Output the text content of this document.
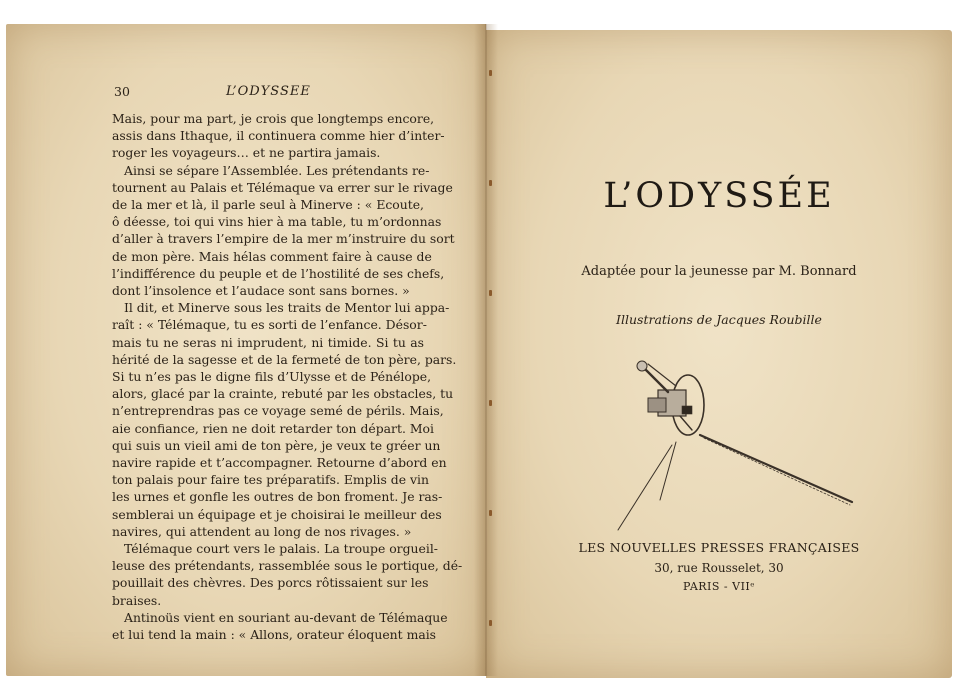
30	L’ODYSSEE
Mais, pour ma part, je crois que longtemps encore,
assis dans Ithaque, il continuera comme hier d’inter-
roger les voyageurs… et ne partira jamais.
Ainsi se sépare l’Assemblée. Les prétendants re-
tournent au Palais et Télémaque va errer sur le rivage
de la mer et là, il parle seul à Minerve : « Ecoute,
ô déesse, toi qui vins hier à ma table, tu m’ordonnas
d’aller à travers l’empire de la mer m’instruire du sort
de mon père. Mais hélas comment faire à cause de
l’indifférence du peuple et de l’hostilité de ses chefs,
dont l’insolence et l’audace sont sans bornes. »
Il dit, et Minerve sous les traits de Mentor lui appa-
raît : « Télémaque, tu es sorti de l’enfance. Désor-
mais tu ne seras ni imprudent, ni timide. Si tu as
hérité de la sagesse et de la fermeté de ton père, pars.
Si tu n’es pas le digne fils d’Ulysse et de Pénélope,
alors, glacé par la crainte, rebuté par les obstacles, tu
n’entreprendras pas ce voyage semé de périls. Mais,
aie confiance, rien ne doit retarder ton départ. Moi
qui suis un vieil ami de ton père, je veux te gréer un
navire rapide et t’accompagner. Retourne d’abord en
ton palais pour faire tes préparatifs. Emplis de vin
les urnes et gonfle les outres de bon froment. Je ras-
semblerai un équipage et je choisirai le meilleur des
navires, qui attendent au long de nos rivages. »
Télémaque court vers le palais. La troupe orgueil-
leuse des prétendants, rassemblée sous le portique, dé-
pouillait des chèvres. Des porcs rôtissaient sur les
braises.
Antinoüs vient en souriant au-devant de Télémaque
et lui tend la main : « Allons, orateur éloquent mais
L’ODYSSÉE
Adaptée pour la jeunesse par M. Bonnard
Illustrations de Jacques Roubille
LES NOUVELLES PRESSES FRANÇAISES
30, rue Rousselet, 30
PARIS - VIIᵉ
